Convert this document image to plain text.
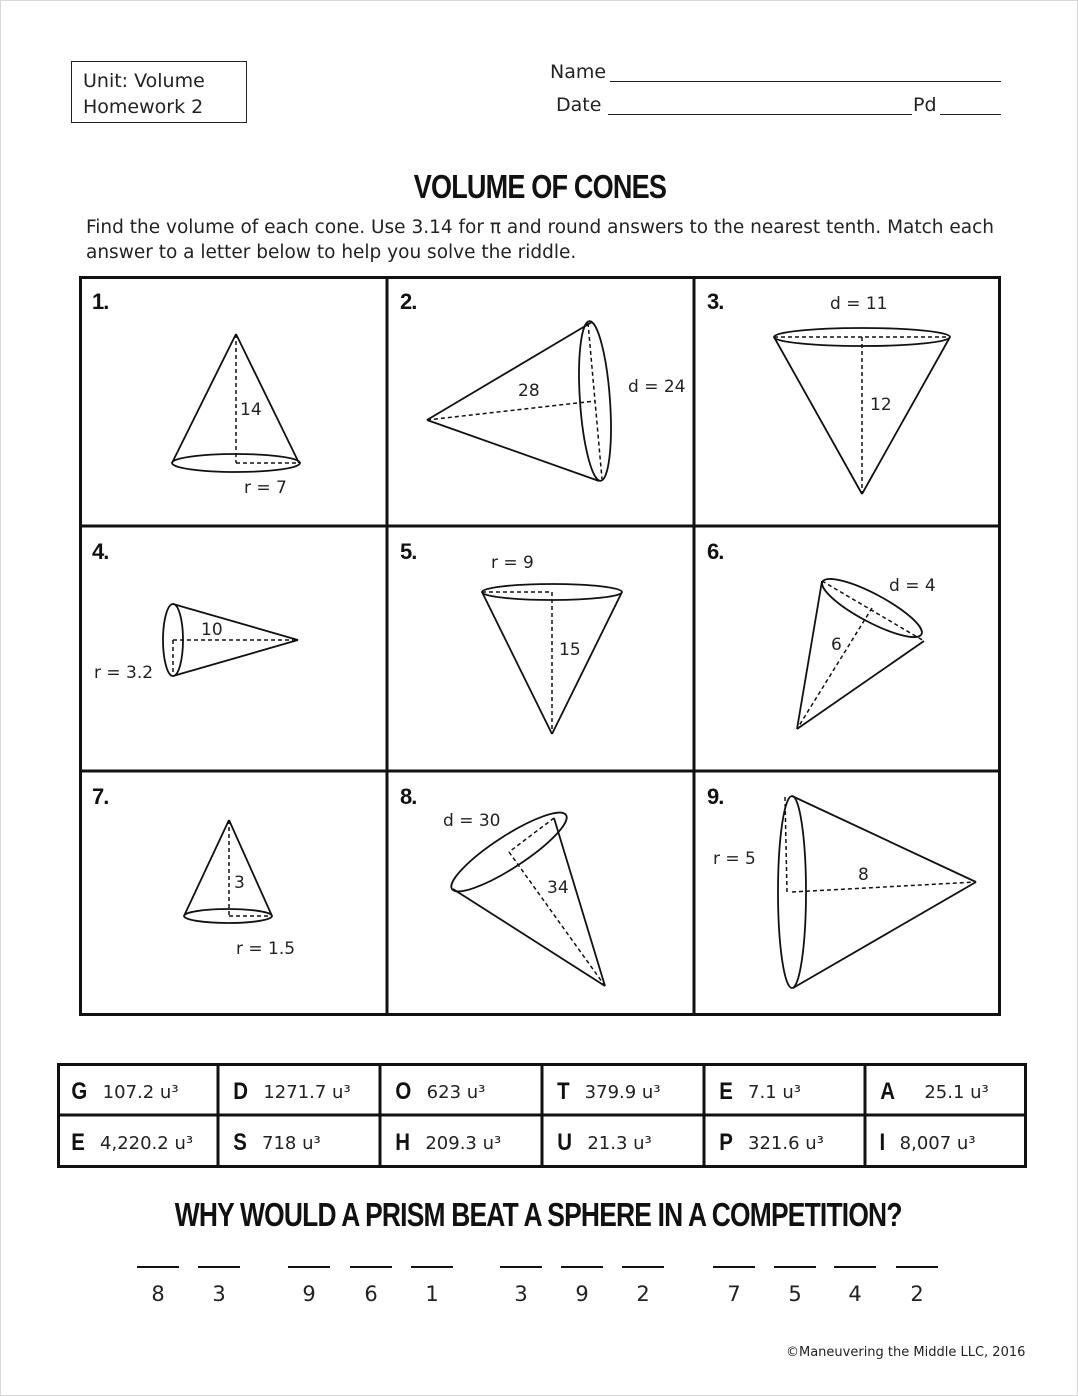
Unit: Volume
Homework 2
Name
Date	Pd
VOLUME OF CONES
Find the volume of each cone. Use 3.14 for π and round answers to the nearest tenth. Match each answer to a letter below to help you solve the riddle.
1.
14
r = 7
2.
28	d = 24
3.
12
d = 11
4.
10
r = 3.2
5.
15
r = 9	6.
6
d = 4
7.
3
r = 1.5
8.
34
d = 30
9.
8
r = 5
G 107.2 u³ D 1271.7 u³ O 623 u³	T 379.9 u³ E 7.1 u³	A 25.1 u³
E 4,220.2 u³ S 718 u³	H 209.3 u³ U 21.3 u³	P 321.6 u³ I 8,007 u³
WHY WOULD A PRISM BEAT A SPHERE IN A COMPETITION?
8	3	9	6	1	3	9	2	7	5	4	2
©Maneuvering the Middle LLC, 2016
